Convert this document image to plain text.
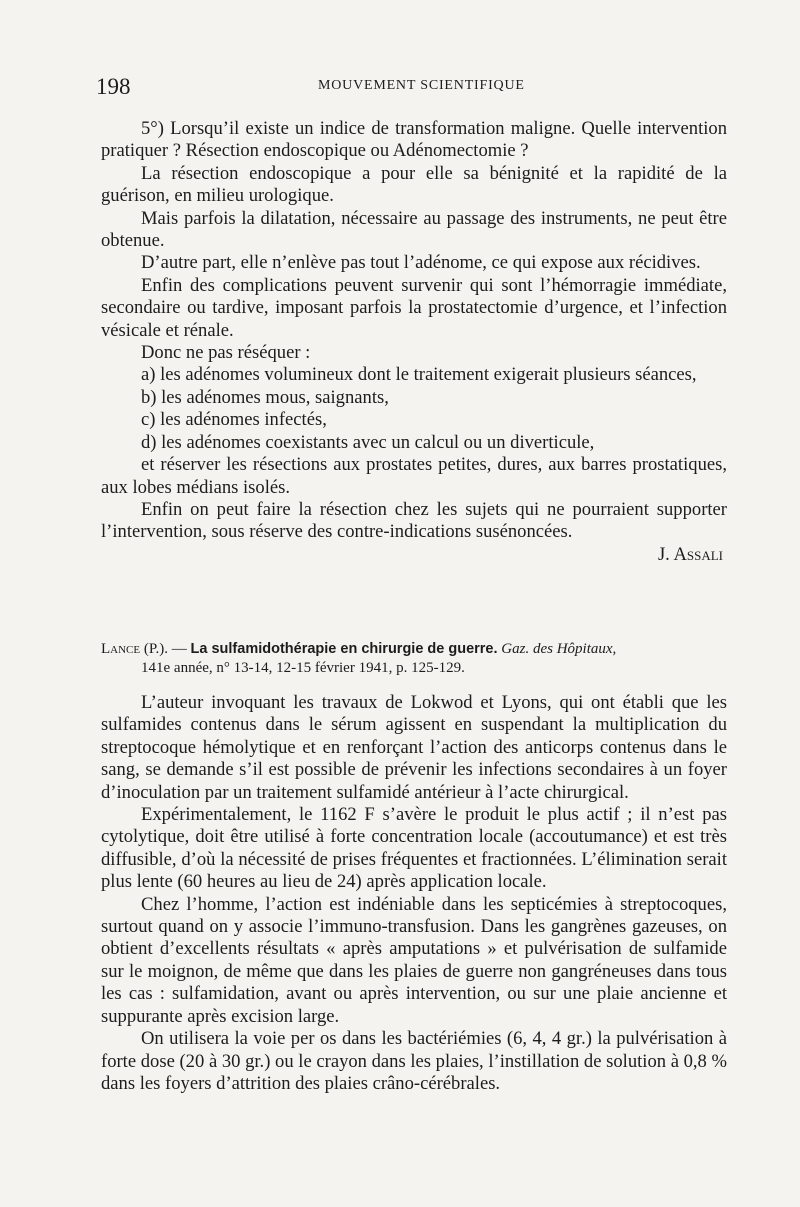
198	MOUVEMENT SCIENTIFIQUE

5°) Lorsqu’il existe un indice de transformation maligne. Quelle intervention pratiquer ? Résection endoscopique ou Adénomectomie ?

La résection endoscopique a pour elle sa bénignité et la rapidité de la guérison, en milieu urologique.

Mais parfois la dilatation, nécessaire au passage des instruments, ne peut être obtenue.

D’autre part, elle n’enlève pas tout l’adénome, ce qui expose aux récidives.

Enfin des complications peuvent survenir qui sont l’hémorragie immédiate, secondaire ou tardive, imposant parfois la prostatectomie d’urgence, et l’infection vésicale et rénale.

Donc ne pas réséquer :

a) les adénomes volumineux dont le traitement exigerait plusieurs séances,

b) les adénomes mous, saignants,

c) les adénomes infectés,

d) les adénomes coexistants avec un calcul ou un diverticule,

et réserver les résections aux prostates petites, dures, aux barres prostatiques, aux lobes médians isolés.

Enfin on peut faire la résection chez les sujets qui ne pourraient supporter l’intervention, sous réserve des contre-indications susénoncées.

J. Assali

Lance (P.). — La sulfamidothérapie en chirurgie de guerre. Gaz. des Hôpitaux,
141e année, n° 13-14, 12-15 février 1941, p. 125-129.

L’auteur invoquant les travaux de Lokwod et Lyons, qui ont établi que les sulfamides contenus dans le sérum agissent en suspendant la multiplication du streptocoque hémolytique et en renforçant l’action des anticorps contenus dans le sang, se demande s’il est possible de prévenir les infections secondaires à un foyer d’inoculation par un traitement sulfamidé antérieur à l’acte chirurgical.

Expérimentalement, le 1162 F s’avère le produit le plus actif ; il n’est pas cytolytique, doit être utilisé à forte concentration locale (accoutumance) et est très diffusible, d’où la nécessité de prises fréquentes et fractionnées. L’élimination serait plus lente (60 heures au lieu de 24) après application locale.

Chez l’homme, l’action est indéniable dans les septicémies à streptocoques, surtout quand on y associe l’immuno-transfusion. Dans les gangrènes gazeuses, on obtient d’excellents résultats « après amputations » et pulvérisation de sulfamide sur le moignon, de même que dans les plaies de guerre non gangréneuses dans tous les cas : sulfamidation, avant ou après intervention, ou sur une plaie ancienne et suppurante après excision large.

On utilisera la voie per os dans les bactériémies (6, 4, 4 gr.) la pulvérisation à forte dose (20 à 30 gr.) ou le crayon dans les plaies, l’instillation de solution à 0,8 % dans les foyers d’attrition des plaies crâno-cérébrales.
